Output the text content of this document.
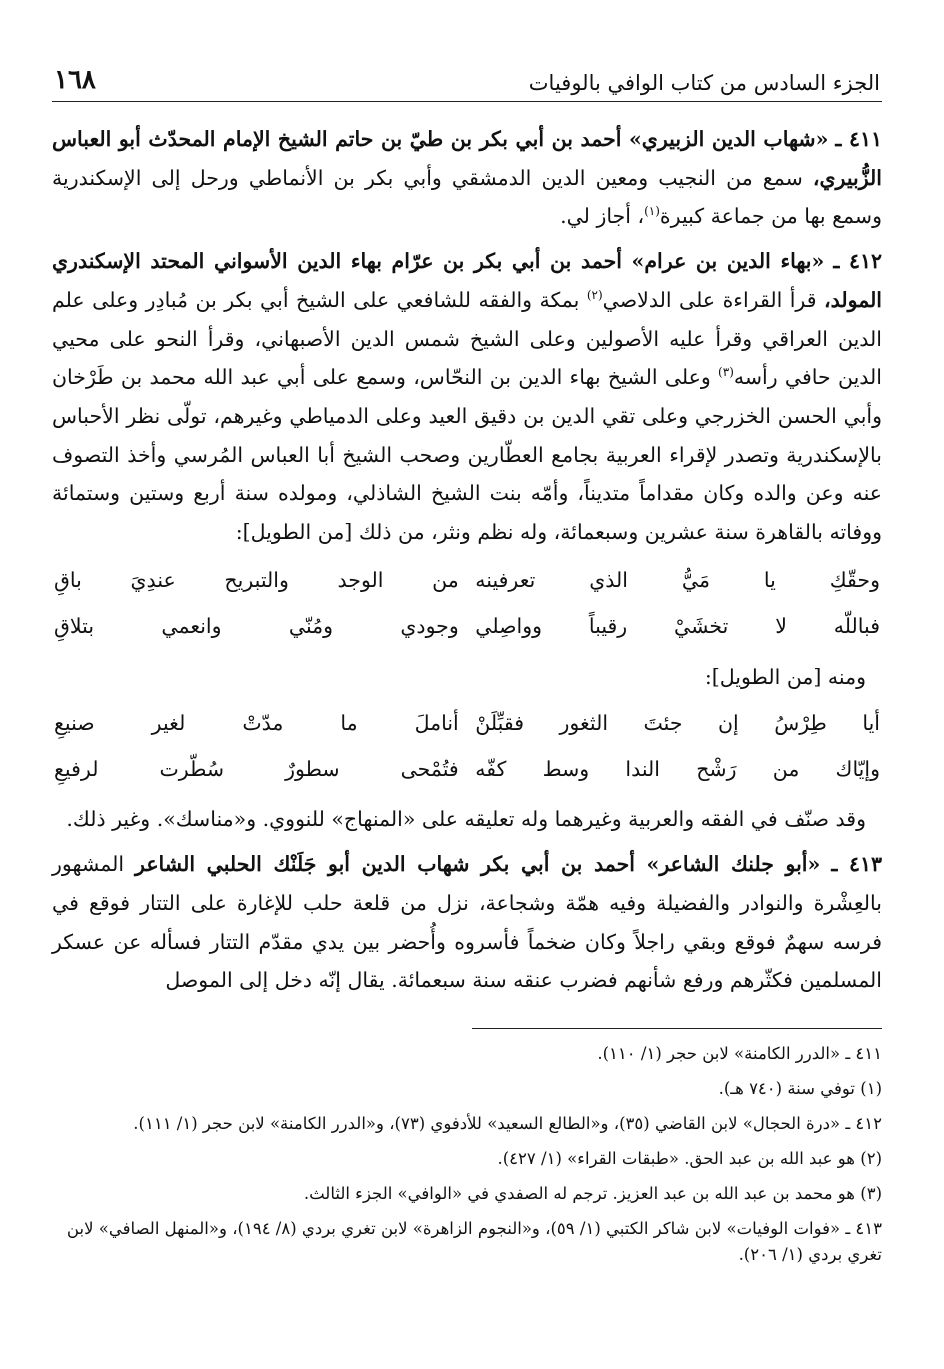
الجزء السادس من كتاب الوافي بالوفيات
١٦٨

٤١١ ـ «شهاب الدين الزبيري» أحمد بن أبي بكر بن طيّ بن حاتم الشيخ الإمام المحدّث أبو العباس الزُّبيري، سمع من النجيب ومعين الدين الدمشقي وأبي بكر بن الأنماطي ورحل إلى الإسكندرية وسمع بها من جماعة كبيرة$^{(١)}$، أجاز لي.

٤١٢ ـ «بهاء الدين بن عرام» أحمد بن أبي بكر بن عرّام بهاء الدين الأسواني المحتد الإسكندري المولد، قرأ القراءة على الدلاصي$^{(٢)}$ بمكة والفقه للشافعي على الشيخ أبي بكر بن مُبادِر وعلى علم الدين العراقي وقرأ عليه الأصولين وعلى الشيخ شمس الدين الأصبهاني، وقرأ النحو على محيي الدين حافي رأسه$^{(٣)}$ وعلى الشيخ بهاء الدين بن النحّاس، وسمع على أبي عبد الله محمد بن طَرْخان وأبي الحسن الخزرجي وعلى تقي الدين بن دقيق العيد وعلى الدمياطي وغيرهم، تولّى نظر الأحباس بالإسكندرية وتصدر لإقراء العربية بجامع العطّارين وصحب الشيخ أبا العباس المُرسي وأخذ التصوف عنه وعن والده وكان مقداماً متديناً، وأمّه بنت الشيخ الشاذلي، ومولده سنة أربع وستين وستمائة ووفاته بالقاهرة سنة عشرين وسبعمائة، وله نظم ونثر، من ذلك [من الطويل]:

وحقّكِ يا مَيُّ الذي تعرفينه
من الوجد والتبريح عندِيَ باقِ
فباللّه لا تخشَيْ رقيباً وواصِلي
وجودي ومُنّي وانعمي بتلاقِ

ومنه [من الطويل]:

أيا طِرْسُ إن جئتَ الثغور فقبِّلَنْ
أناملَ ما مدّتْ لغير صنيعِ
وإيّاك من رَشْح الندا وسط كفّه
فتُمْحى سطورٌ سُطّرت لرفيعِ

وقد صنّف في الفقه والعربية وغيرهما وله تعليقه على «المنهاج» للنووي. و«مناسك». وغير ذلك.

٤١٣ ـ «أبو جلنك الشاعر» أحمد بن أبي بكر شهاب الدين أبو جَلَنْك الحلبي الشاعر المشهور بالعِشْرة والنوادر والفضيلة وفيه همّة وشجاعة، نزل من قلعة حلب للإغارة على التتار فوقع في فرسه سهمٌ فوقع وبقي راجلاً وكان ضخماً فأسروه وأُحضر بين يدي مقدّم التتار فسأله عن عسكر المسلمين فكثّرهم ورفع شأنهم فضرب عنقه سنة سبعمائة. يقال إنّه دخل إلى الموصل

٤١١ ـ «الدرر الكامنة» لابن حجر (١/ ١١٠).
(١) توفي سنة (٧٤٠ هـ).
٤١٢ ـ «درة الحجال» لابن القاضي (٣٥)، و«الطالع السعيد» للأدفوي (٧٣)، و«الدرر الكامنة» لابن حجر (١/ ١١١).
(٢) هو عبد الله بن عبد الحق. «طبقات القراء» (١/ ٤٢٧).
(٣) هو محمد بن عبد الله بن عبد العزيز. ترجم له الصفدي في «الوافي» الجزء الثالث.
٤١٣ ـ «فوات الوفيات» لابن شاكر الكتبي (١/ ٥٩)، و«النجوم الزاهرة» لابن تغري بردي (٨/ ١٩٤)، و«المنهل الصافي» لابن تغري بردي (١/ ٢٠٦).
